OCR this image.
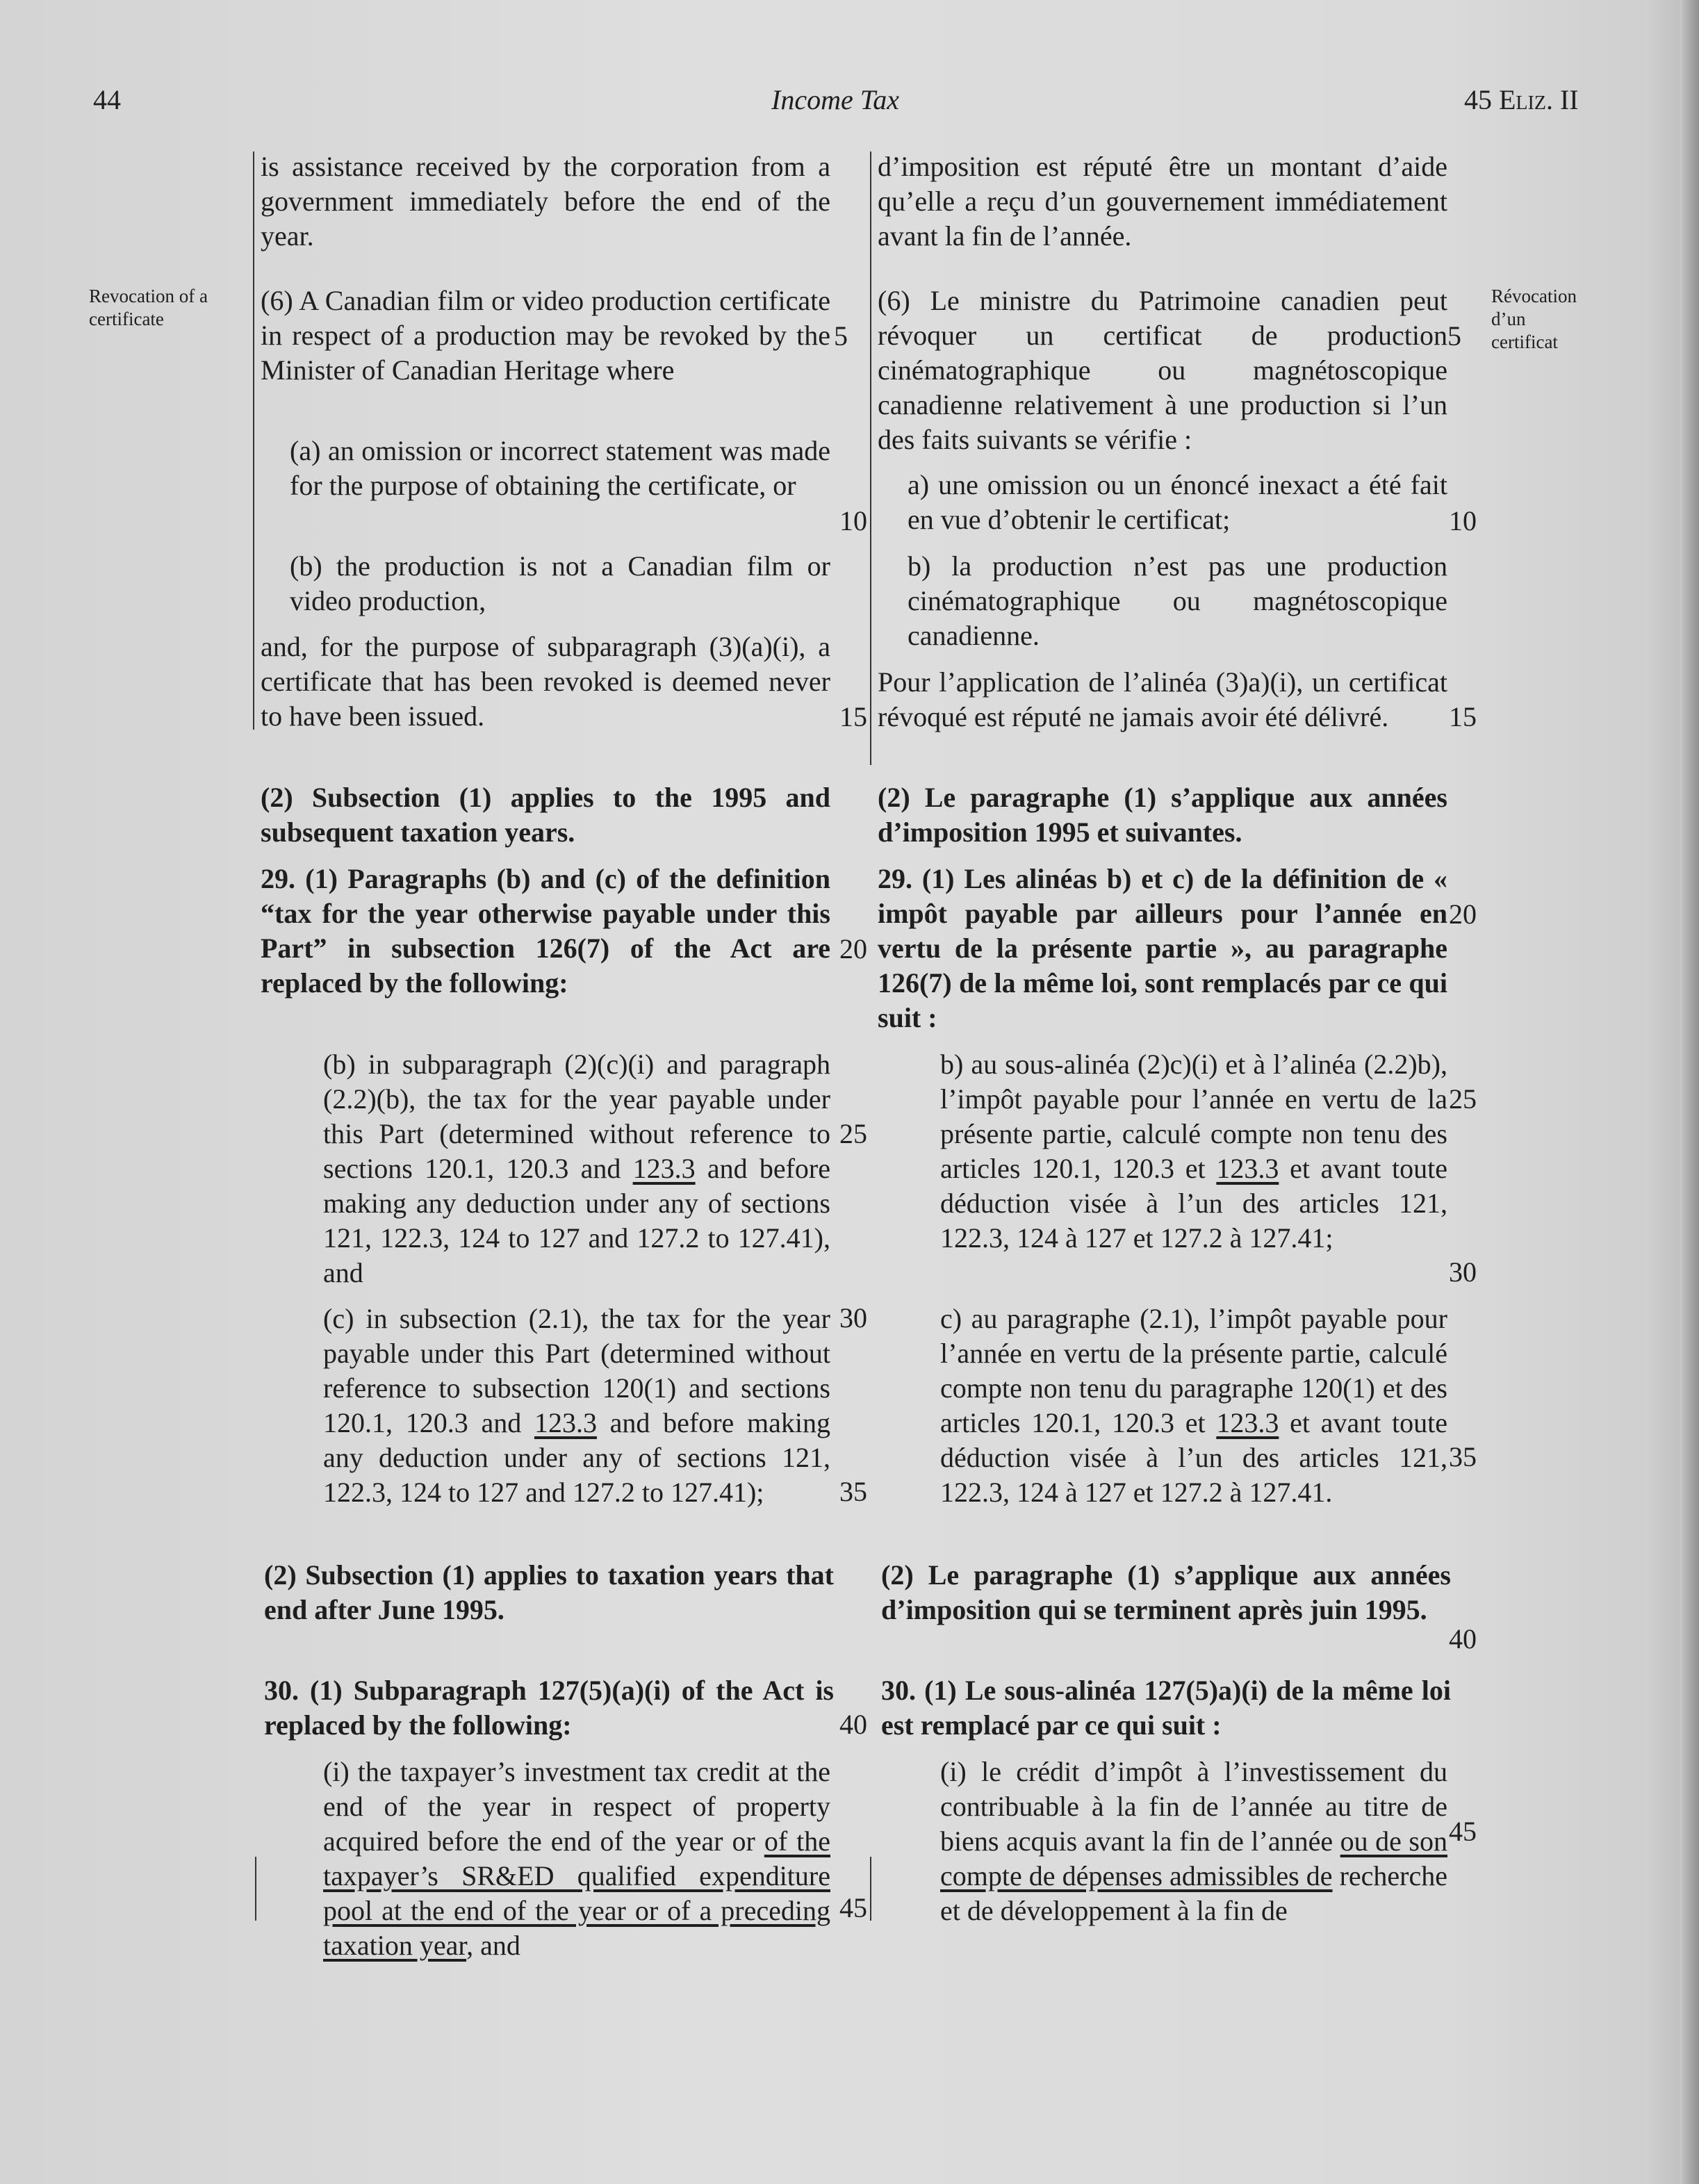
44	Income Tax	45 Eliz. II
Revocation of a certificate
Révocation d’un certificat
is assistance received by the corporation from a government immediately before the end of the year.
(6) A Canadian film or video production certificate in respect of a production may be revoked by the Minister of Canadian Heritage where
(a) an omission or incorrect statement was made for the purpose of obtaining the certificate, or
(b) the production is not a Canadian film or video production,
and, for the purpose of subparagraph (3)(a)(i), a certificate that has been revoked is deemed never to have been issued.
(2) Subsection (1) applies to the 1995 and subsequent taxation years.
29. (1) Paragraphs (b) and (c) of the definition “tax for the year otherwise payable under this Part” in subsection 126(7) of the Act are replaced by the following:
(b) in subparagraph (2)(c)(i) and paragraph (2.2)(b), the tax for the year payable under this Part (determined without reference to sections 120.1, 120.3 and 123.3 and before making any deduction under any of sections 121, 122.3, 124 to 127 and 127.2 to 127.41), and
(c) in subsection (2.1), the tax for the year payable under this Part (determined without reference to subsection 120(1) and sections 120.1, 120.3 and 123.3 and before making any deduction under any of sections 121, 122.3, 124 to 127 and 127.2 to 127.41);
(2) Subsection (1) applies to taxation years that end after June 1995.
30. (1) Subparagraph 127(5)(a)(i) of the Act is replaced by the following:
(i) the taxpayer’s investment tax credit at the end of the year in respect of property acquired before the end of the year or of the taxpayer’s SR&ED qualified expenditure pool at the end of the year or of a preceding taxation year, and
d’imposition est réputé être un montant d’aide qu’elle a reçu d’un gouvernement immédiatement avant la fin de l’année.
(6) Le ministre du Patrimoine canadien peut révoquer un certificat de production cinématographique ou magnétoscopique canadienne relativement à une production si l’un des faits suivants se vérifie :
a) une omission ou un énoncé inexact a été fait en vue d’obtenir le certificat;
b) la production n’est pas une production cinématographique ou magnétoscopique canadienne.
Pour l’application de l’alinéa (3)a)(i), un certificat révoqué est réputé ne jamais avoir été délivré.
(2) Le paragraphe (1) s’applique aux années d’imposition 1995 et suivantes.
29. (1) Les alinéas b) et c) de la définition de « impôt payable par ailleurs pour l’année en vertu de la présente partie », au paragraphe 126(7) de la même loi, sont remplacés par ce qui suit :
b) au sous-alinéa (2)c)(i) et à l’alinéa (2.2)b), l’impôt payable pour l’année en vertu de la présente partie, calculé compte non tenu des articles 120.1, 120.3 et 123.3 et avant toute déduction visée à l’un des articles 121, 122.3, 124 à 127 et 127.2 à 127.41;
c) au paragraphe (2.1), l’impôt payable pour l’année en vertu de la présente partie, calculé compte non tenu du paragraphe 120(1) et des articles 120.1, 120.3 et 123.3 et avant toute déduction visée à l’un des articles 121, 122.3, 124 à 127 et 127.2 à 127.41.
(2) Le paragraphe (1) s’applique aux années d’imposition qui se terminent après juin 1995.
30. (1) Le sous-alinéa 127(5)a)(i) de la même loi est remplacé par ce qui suit :
(i) le crédit d’impôt à l’investissement du contribuable à la fin de l’année au titre de biens acquis avant la fin de l’année ou de son compte de dépenses admissibles de recherche et de développement à la fin de
5
10
15
20
25
30
35
40
45
5
10
15
20
25
30
35
40
45
